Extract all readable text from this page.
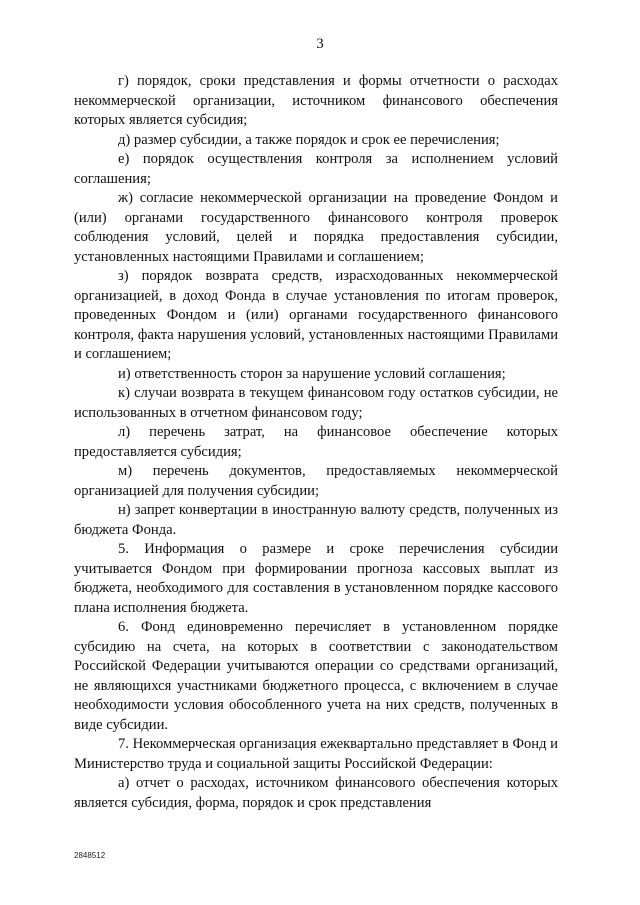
3

г) порядок, сроки представления и формы отчетности о расходах некоммерческой организации, источником финансового обеспечения которых является субсидия;

д) размер субсидии, а также порядок и срок ее перечисления;

е) порядок осуществления контроля за исполнением условий соглашения;

ж) согласие некоммерческой организации на проведение Фондом и (или) органами государственного финансового контроля проверок соблюдения условий, целей и порядка предоставления субсидии, установленных настоящими Правилами и соглашением;

з) порядок возврата средств, израсходованных некоммерческой организацией, в доход Фонда в случае установления по итогам проверок, проведенных Фондом и (или) органами государственного финансового контроля, факта нарушения условий, установленных настоящими Правилами и соглашением;

и) ответственность сторон за нарушение условий соглашения;

к) случаи возврата в текущем финансовом году остатков субсидии, не использованных в отчетном финансовом году;

л) перечень затрат, на финансовое обеспечение которых предоставляется субсидия;

м) перечень документов, предоставляемых некоммерческой организацией для получения субсидии;

н) запрет конвертации в иностранную валюту средств, полученных из бюджета Фонда.

5. Информация о размере и сроке перечисления субсидии учитывается Фондом при формировании прогноза кассовых выплат из бюджета, необходимого для составления в установленном порядке кассового плана исполнения бюджета.

6. Фонд единовременно перечисляет в установленном порядке субсидию на счета, на которых в соответствии с законодательством Российской Федерации учитываются операции со средствами организаций, не являющихся участниками бюджетного процесса, с включением в случае необходимости условия обособленного учета на них средств, полученных в виде субсидии.

7. Некоммерческая организация ежеквартально представляет в Фонд и Министерство труда и социальной защиты Российской Федерации:

а) отчет о расходах, источником финансового обеспечения которых является субсидия, форма, порядок и срок представления

2848512
